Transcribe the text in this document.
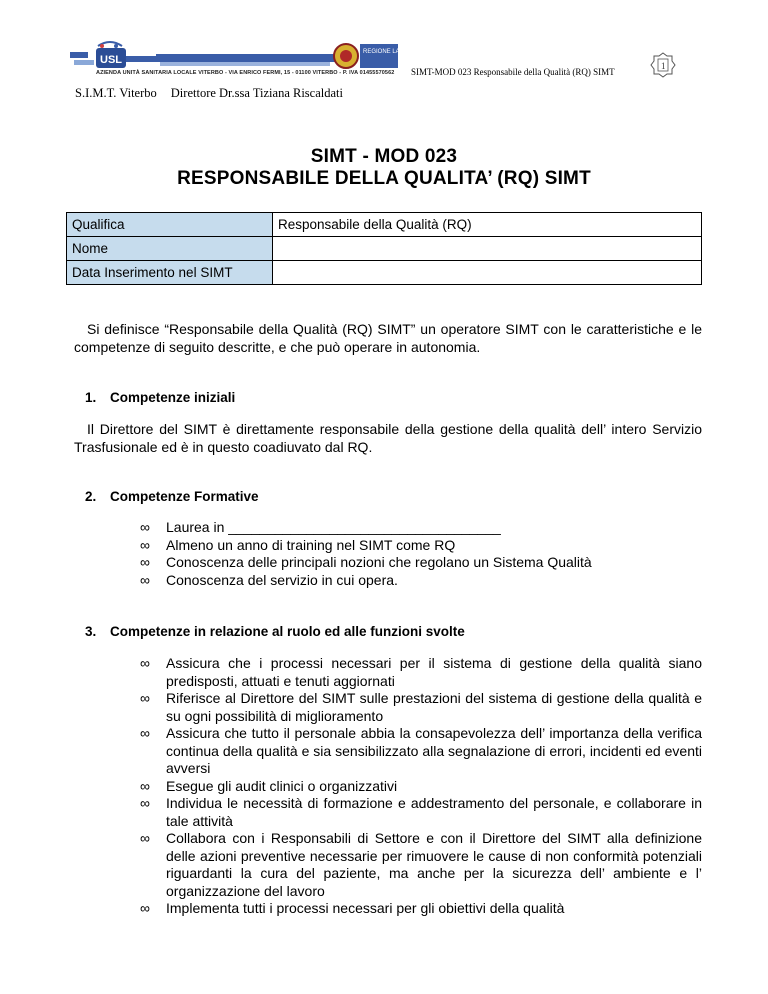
USL
REGIONE LAZIO
AZIENDA UNITÀ SANITARIA LOCALE VITERBO - VIA ENRICO FERMI, 15 - 01100 VITERBO - P. IVA 01455570562
S.I.M.T. Viterbo Direttore Dr.ssa Tiziana Riscaldati
SIMT-MOD 023 Responsabile della Qualità (RQ) SIMT
1
SIMT - MOD 023
RESPONSABILE DELLA QUALITA’ (RQ) SIMT
Qualifica	Responsabile della Qualità (RQ)
Nome	
Data Inserimento nel SIMT	
Si definisce “Responsabile della Qualità (RQ) SIMT” un operatore SIMT con le caratteristiche e le competenze di seguito descritte, e che può operare in autonomia.
1. Competenze iniziali
Il Direttore del SIMT è direttamente responsabile della gestione della qualità dell’ intero Servizio Trasfusionale ed è in questo coadiuvato dal RQ.
2. Competenze Formative
∞ Laurea in ___________________________________
∞ Almeno un anno di training nel SIMT come RQ
∞ Conoscenza delle principali nozioni che regolano un Sistema Qualità
∞ Conoscenza del servizio in cui opera.
3. Competenze in relazione al ruolo ed alle funzioni svolte
∞ Assicura che i processi necessari per il sistema di gestione della qualità siano predisposti, attuati e tenuti aggiornati
∞ Riferisce al Direttore del SIMT sulle prestazioni del sistema di gestione della qualità e su ogni possibilità di miglioramento
∞ Assicura che tutto il personale abbia la consapevolezza dell’ importanza della verifica continua della qualità e sia sensibilizzato alla segnalazione di errori, incidenti ed eventi avversi
∞ Esegue gli audit clinici o organizzativi
∞ Individua le necessità di formazione e addestramento del personale, e collaborare in tale attività
∞ Collabora con i Responsabili di Settore e con il Direttore del SIMT alla definizione delle azioni preventive necessarie per rimuovere le cause di non conformità potenziali riguardanti la cura del paziente, ma anche per la sicurezza dell’ ambiente e l’ organizzazione del lavoro
∞ Implementa tutti i processi necessari per gli obiettivi della qualità
